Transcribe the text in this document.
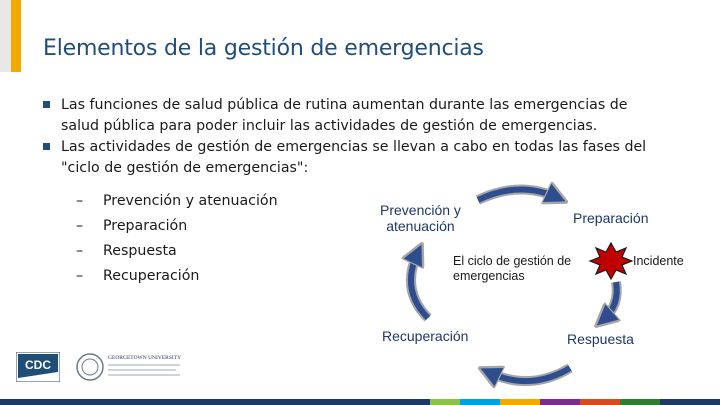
Elementos de la gestión de emergencias
Las funciones de salud pública de rutina aumentan durante las emergencias de
salud pública para poder incluir las actividades de gestión de emergencias.
Las actividades de gestión de emergencias se llevan a cabo en todas las fases del
"ciclo de gestión de emergencias":
– Prevención y atenuación
– Preparación
– Respuesta
– Recuperación
Prevención y
atenuación	Preparación
Respuesta
Recuperación
El ciclo de gestión de
emergencias
Incidente
CDC	GEORGETOWN UNIVERSITY
